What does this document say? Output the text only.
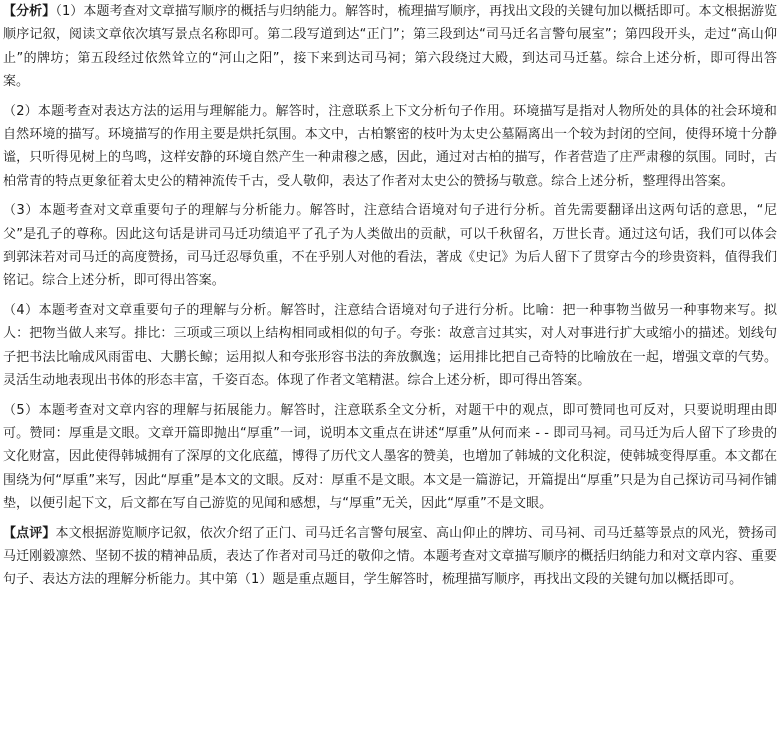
【分析】（1）本题考查对文章描写顺序的概括与归纳能力。解答时，梳理描写顺序，再找出文段的关键句加以概括即可。本文根据游览顺序记叙，阅读文章依次填写景点名称即可。第二段写道到达“正门”；第三段到达“司马迁名言警句展室”；第四段开头，走过“高山仰止”的牌坊；第五段经过依然耸立的“河山之阳”，接下来到达司马祠；第六段绕过大殿，到达司马迁墓。综合上述分析，即可得出答案。

（2）本题考查对表达方法的运用与理解能力。解答时，注意联系上下文分析句子作用。环境描写是指对人物所处的具体的社会环境和自然环境的描写。环境描写的作用主要是烘托氛围。本文中，古柏繁密的枝叶为太史公墓隔离出一个较为封闭的空间，使得环境十分静谧，只听得见树上的鸟鸣，这样安静的环境自然产生一种肃穆之感，因此，通过对古柏的描写，作者营造了庄严肃穆的氛围。同时，古柏常青的特点更象征着太史公的精神流传千古，受人敬仰，表达了作者对太史公的赞扬与敬意。综合上述分析，整理得出答案。

（3）本题考查对文章重要句子的理解与分析能力。解答时，注意结合语境对句子进行分析。首先需要翻译出这两句话的意思，“尼父”是孔子的尊称。因此这句话是讲司马迁功绩追平了孔子为人类做出的贡献，可以千秋留名，万世长青。通过这句话，我们可以体会到郭沫若对司马迁的高度赞扬，司马迁忍辱负重，不在乎别人对他的看法，著成《史记》为后人留下了贯穿古今的珍贵资料，值得我们铭记。综合上述分析，即可得出答案。

（4）本题考查对文章重要句子的理解与分析。解答时，注意结合语境对句子进行分析。比喻：把一种事物当做另一种事物来写。拟人：把物当做人来写。排比：三项或三项以上结构相同或相似的句子。夸张：故意言过其实，对人对事进行扩大或缩小的描述。划线句子把书法比喻成风雨雷电、大鹏长鲸；运用拟人和夸张形容书法的奔放飘逸；运用排比把自己奇特的比喻放在一起，增强文章的气势。灵活生动地表现出书体的形态丰富，千姿百态。体现了作者文笔精湛。综合上述分析，即可得出答案。

（5）本题考查对文章内容的理解与拓展能力。解答时，注意联系全文分析，对题干中的观点，即可赞同也可反对，只要说明理由即可。赞同：厚重是文眼。文章开篇即抛出“厚重”一词，说明本文重点在讲述“厚重”从何而来 - - 即司马祠。司马迁为后人留下了珍贵的文化财富，因此使得韩城拥有了深厚的文化底蕴，博得了历代文人墨客的赞美，也增加了韩城的文化积淀，使韩城变得厚重。本文都在围绕为何“厚重”来写，因此“厚重”是本文的文眼。反对：厚重不是文眼。本文是一篇游记，开篇提出“厚重”只是为自己探访司马祠作铺垫，以便引起下文，后文都在写自己游览的见闻和感想，与“厚重”无关，因此“厚重”不是文眼。

【点评】本文根据游览顺序记叙，依次介绍了正门、司马迁名言警句展室、高山仰止的牌坊、司马祠、司马迁墓等景点的风光，赞扬司马迁刚毅凛然、坚韧不拔的精神品质，表达了作者对司马迁的敬仰之情。本题考查对文章描写顺序的概括归纳能力和对文章内容、重要句子、表达方法的理解分析能力。其中第（1）题是重点题目，学生解答时，梳理描写顺序，再找出文段的关键句加以概括即可。
